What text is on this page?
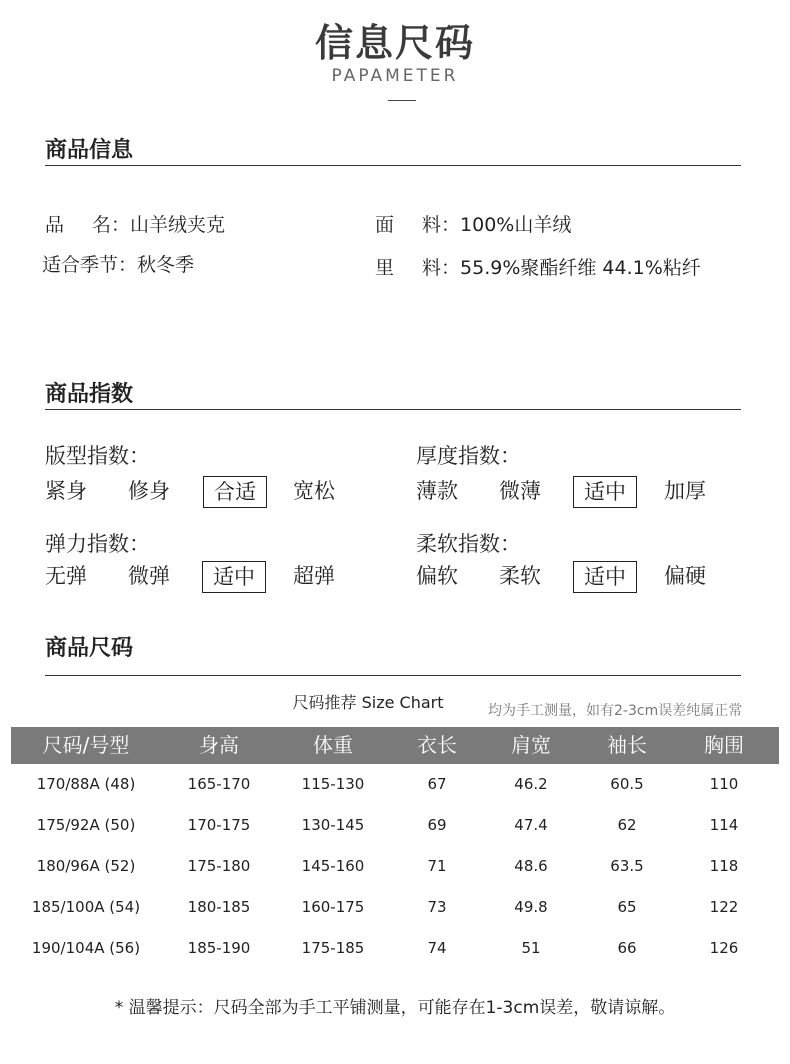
信息尺码
PAPAMETER
商品信息
品名：山羊绒夹克	面料：100%山羊绒
适合季节：秋冬季	里料：55.9%聚酯纤维 44.1%粘纤
商品指数
版型指数：
紧身 修身	合适	宽松
厚度指数：
薄款 微薄	适中	加厚
弹力指数：
无弹 微弹	适中	超弹
柔软指数：
偏软 柔软	适中	偏硬
商品尺码
尺码推荐 Size Chart	均为手工测量，如有2-3cm误差纯属正常
尺码/号型	身高	体重	衣长	肩宽	袖长	胸围
170/88A (48)	165-170	115-130	67	46.2	60.5	110
175/92A (50)	170-175	130-145	69	47.4	62	114
180/96A (52)	175-180	145-160	71	48.6	63.5	118
185/100A (54)	180-185	160-175	73	49.8	65	122
190/104A (56)	185-190	175-185	74	51	66	126
* 温馨提示：尺码全部为手工平铺测量，可能存在1-3cm误差，敬请谅解。
